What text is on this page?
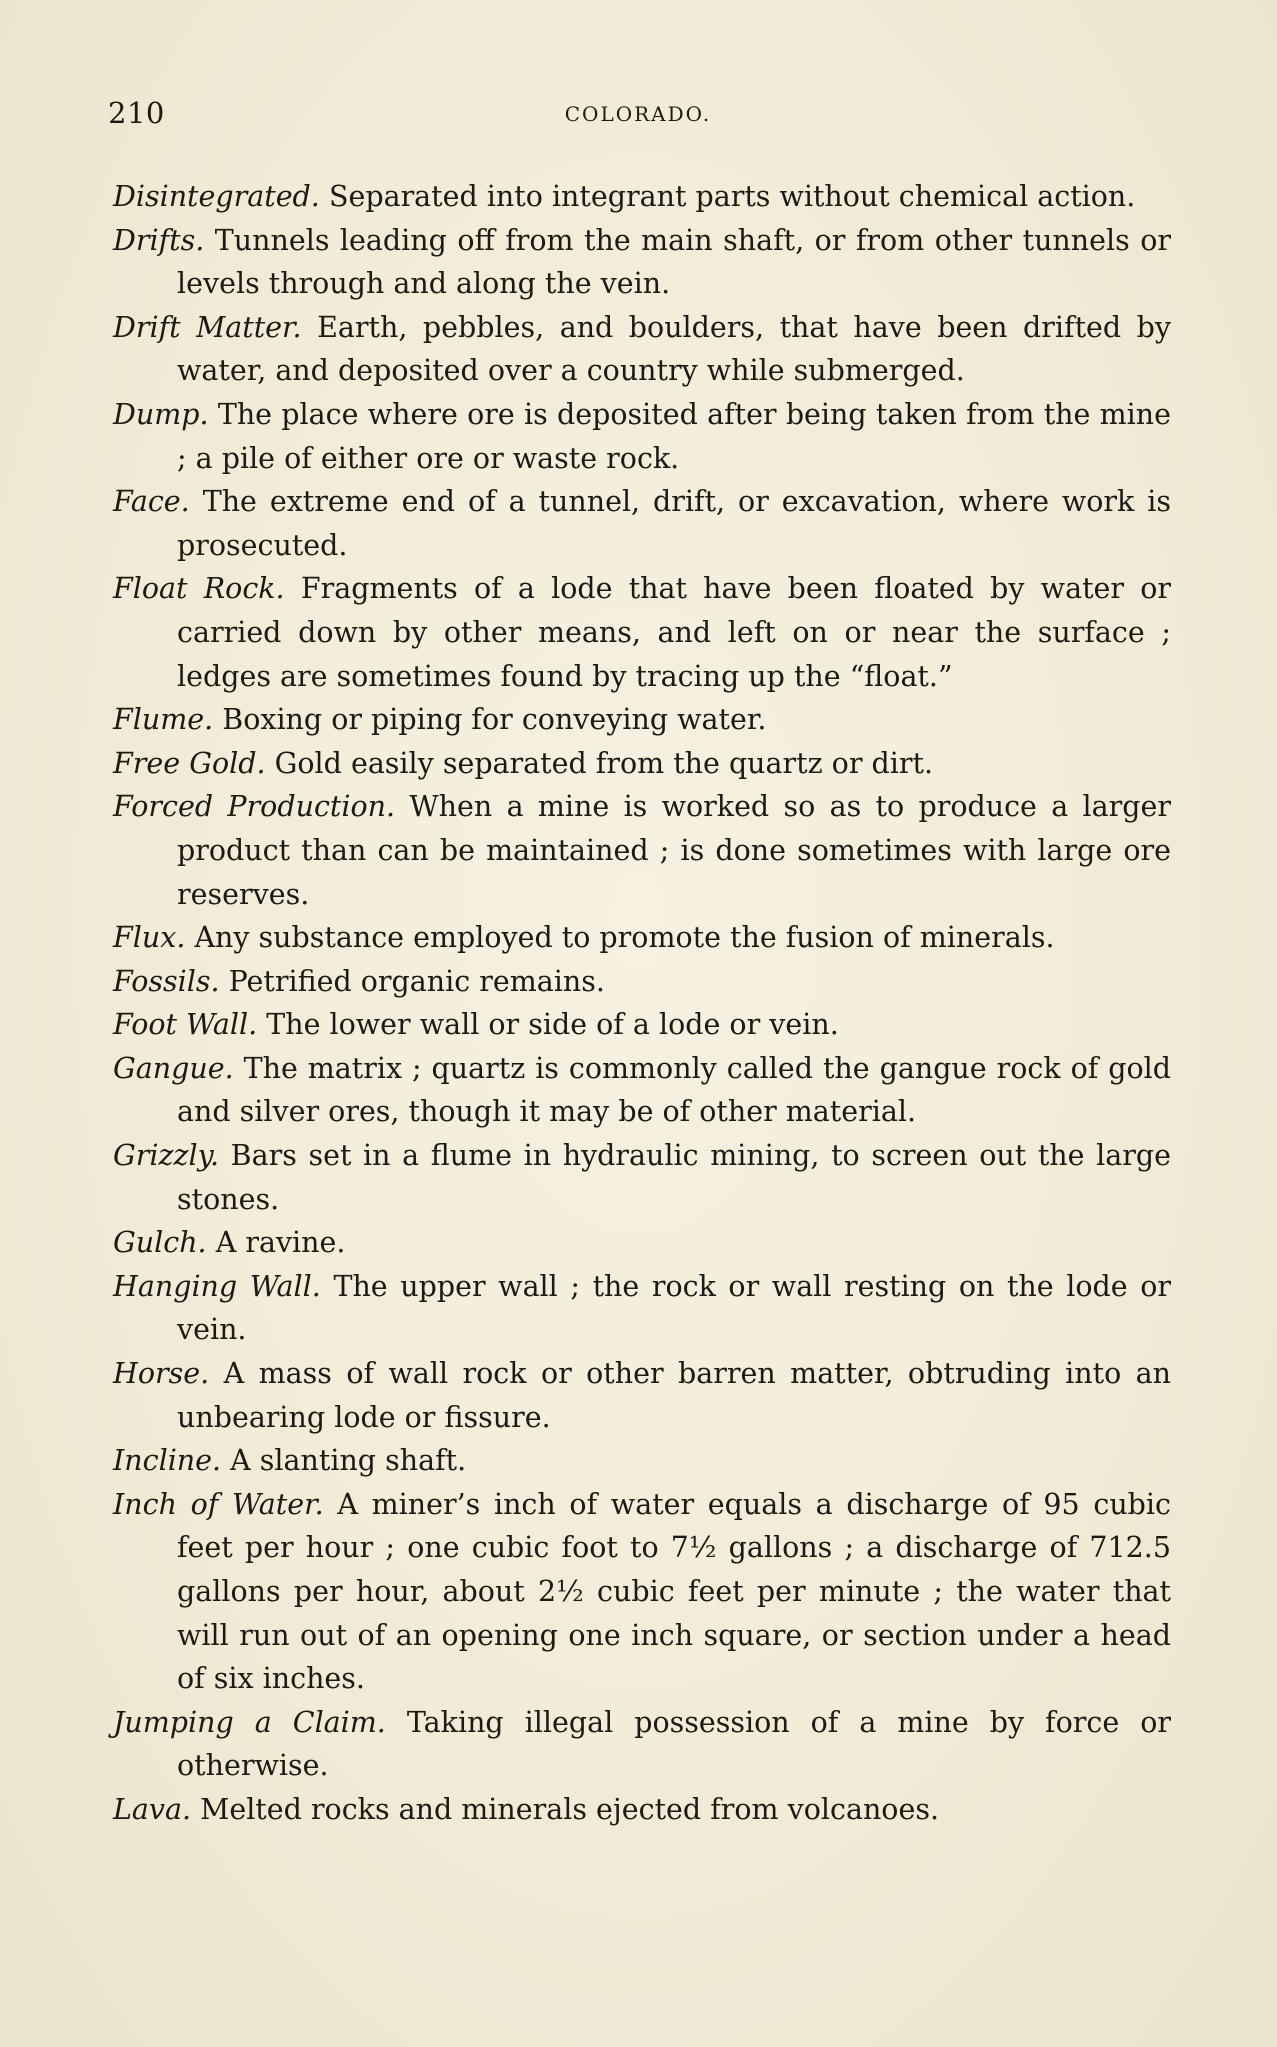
210	COLORADO.

Disintegrated. Separated into integrant parts without chemical action.

Drifts. Tunnels leading off from the main shaft, or from other tunnels or levels through and along the vein.

Drift Matter. Earth, pebbles, and boulders, that have been drifted by water, and deposited over a country while submerged.

Dump. The place where ore is deposited after being taken from the mine ; a pile of either ore or waste rock.

Face. The extreme end of a tunnel, drift, or excavation, where work is prosecuted.

Float Rock. Fragments of a lode that have been floated by water or carried down by other means, and left on or near the surface ; ledges are sometimes found by tracing up the “float.”

Flume. Boxing or piping for conveying water.

Free Gold. Gold easily separated from the quartz or dirt.

Forced Production. When a mine is worked so as to produce a larger product than can be maintained ; is done sometimes with large ore reserves.

Flux. Any substance employed to promote the fusion of minerals.

Fossils. Petrified organic remains.

Foot Wall. The lower wall or side of a lode or vein.

Gangue. The matrix ; quartz is commonly called the gangue rock of gold and silver ores, though it may be of other material.

Grizzly. Bars set in a flume in hydraulic mining, to screen out the large stones.

Gulch. A ravine.

Hanging Wall. The upper wall ; the rock or wall resting on the lode or vein.

Horse. A mass of wall rock or other barren matter, obtruding into an unbearing lode or fissure.

Incline. A slanting shaft.

Inch of Water. A miner’s inch of water equals a discharge of 95 cubic feet per hour ; one cubic foot to 7½ gallons ; a discharge of 712.5 gallons per hour, about 2½ cubic feet per minute ; the water that will run out of an opening one inch square, or section under a head of six inches.

Jumping a Claim. Taking illegal possession of a mine by force or otherwise.

Lava. Melted rocks and minerals ejected from volcanoes.
